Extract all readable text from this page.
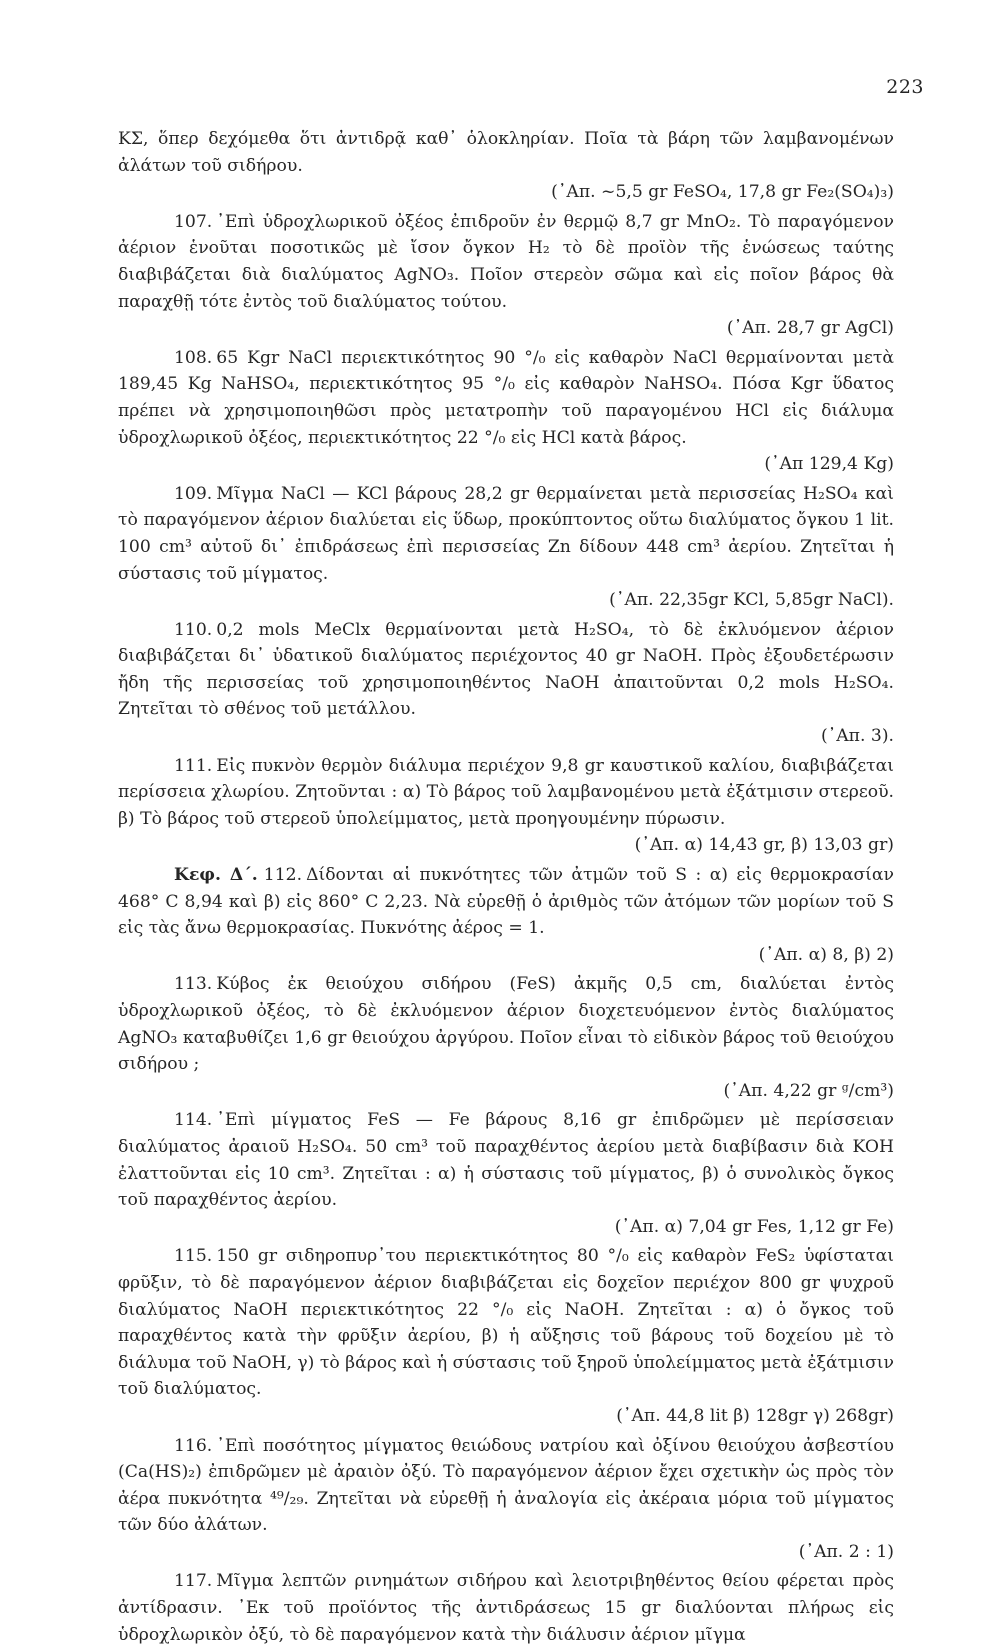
223

ΚΣ, ὅπερ δεχόμεθα ὅτι ἀντιδρᾷ καθ᾽ ὁλοκληρίαν. Ποῖα τὰ βάρη τῶν λαμβανομένων ἀλάτων τοῦ σιδήρου.

(᾽Απ. ~5,5 gr FeSO₄, 17,8 gr Fe₂(SO₄)₃)

107. ᾽Επὶ ὑδροχλωρικοῦ ὀξέος ἐπιδροῦν ἐν θερμῷ 8,7 gr MnO₂. Τὸ παραγόμενον ἀέριον ἑνοῦται ποσοτικῶς μὲ ἴσον ὄγκον H₂ τὸ δὲ προϊὸν τῆς ἑνώσεως ταύτης διαβιβάζεται διὰ διαλύματος AgNO₃. Ποῖον στερεὸν σῶμα καὶ εἰς ποῖον βάρος θὰ παραχθῇ τότε ἐντὸς τοῦ διαλύματος τούτου.

(᾽Απ. 28,7 gr AgCl)

108. 65 Kgr NaCl περιεκτικότητος 90 °/₀ εἰς καθαρὸν NaCl θερμαίνονται μετὰ 189,45 Kg NaHSO₄, περιεκτικότητος 95 °/₀ εἰς καθαρὸν NaHSO₄. Πόσα Kgr ὕδατος πρέπει νὰ χρησιμοποιηθῶσι πρὸς μετατροπὴν τοῦ παραγομένου HCl εἰς διάλυμα ὑδροχλωρικοῦ ὀξέος, περιεκτικότητος 22 °/₀ εἰς HCl κατὰ βάρος.

(᾽Απ 129,4 Kg)

109. Μῖγμα NaCl — KCl βάρους 28,2 gr θερμαίνεται μετὰ περισσείας H₂SO₄ καὶ τὸ παραγόμενον ἀέριον διαλύεται εἰς ὕδωρ, προκύπτοντος οὕτω διαλύματος ὄγκου 1 lit. 100 cm³ αὐτοῦ δι᾽ ἐπιδράσεως ἐπὶ περισσείας Zn δίδουν 448 cm³ ἀερίου. Ζητεῖται ἡ σύστασις τοῦ μίγματος.

(᾽Απ. 22,35gr KCl, 5,85gr NaCl).

110. 0,2 mols MeClx θερμαίνονται μετὰ H₂SO₄, τὸ δὲ ἐκλυόμενον ἀέριον διαβιβάζεται δι᾽ ὑδατικοῦ διαλύματος περιέχοντος 40 gr NaOH. Πρὸς ἐξουδετέρωσιν ἤδη τῆς περισσείας τοῦ χρησιμοποιηθέντος NaOH ἀπαιτοῦνται 0,2 mols H₂SO₄. Ζητεῖται τὸ σθένος τοῦ μετάλλου.

(᾽Απ. 3).

111. Εἰς πυκνὸν θερμὸν διάλυμα περιέχον 9,8 gr καυστικοῦ καλίου, διαβιβάζεται περίσσεια χλωρίου. Ζητοῦνται : α) Τὸ βάρος τοῦ λαμβανομένου μετὰ ἐξάτμισιν στερεοῦ. β) Τὸ βάρος τοῦ στερεοῦ ὑπολείμματος, μετὰ προηγουμένην πύρωσιν.

(᾽Απ. α) 14,43 gr, β) 13,03 gr)

Κεφ. Δ΄. 112. Δίδονται αἱ πυκνότητες τῶν ἀτμῶν τοῦ S : α) εἰς θερμοκρασίαν 468° C 8,94 καὶ β) εἰς 860° C 2,23. Νὰ εὑρεθῇ ὁ ἀριθμὸς τῶν ἀτόμων τῶν μορίων τοῦ S εἰς τὰς ἄνω θερμοκρασίας. Πυκνότης ἀέρος = 1.

(᾽Απ. α) 8, β) 2)

113. Κύβος ἐκ θειούχου σιδήρου (FeS) ἀκμῆς 0,5 cm, διαλύεται ἐντὸς ὑδροχλωρικοῦ ὀξέος, τὸ δὲ ἐκλυόμενον ἀέριον διοχετευόμενον ἐντὸς διαλύματος AgNO₃ καταβυθίζει 1,6 gr θειούχου ἀργύρου. Ποῖον εἶναι τὸ εἰδικὸν βάρος τοῦ θειούχου σιδήρου ;

(᾽Απ. 4,22 gr ᵍ/cm³)

114. ᾽Επὶ μίγματος FeS — Fe βάρους 8,16 gr ἐπιδρῶμεν μὲ περίσσειαν διαλύματος ἀραιοῦ H₂SO₄. 50 cm³ τοῦ παραχθέντος ἀερίου μετὰ διαβίβασιν διὰ KOH ἐλαττοῦνται εἰς 10 cm³. Ζητεῖται : α) ἡ σύστασις τοῦ μίγματος, β) ὁ συνολικὸς ὄγκος τοῦ παραχθέντος ἀερίου.

(᾽Απ. α) 7,04 gr Fes, 1,12 gr Fe)

115. 150 gr σιδηροπυρ᾽του περιεκτικότητος 80 °/₀ εἰς καθαρὸν FeS₂ ὑφίσταται φρῦξιν, τὸ δὲ παραγόμενον ἀέριον διαβιβάζεται εἰς δοχεῖον περιέχον 800 gr ψυχροῦ διαλύματος NaOH περιεκτικότητος 22 °/₀ εἰς NaOH. Ζητεῖται : α) ὁ ὄγκος τοῦ παραχθέντος κατὰ τὴν φρῦξιν ἀερίου, β) ἡ αὔξησις τοῦ βάρους τοῦ δοχείου μὲ τὸ διάλυμα τοῦ NaOH, γ) τὸ βάρος καὶ ἡ σύστασις τοῦ ξηροῦ ὑπολείμματος μετὰ ἐξάτμισιν τοῦ διαλύματος.

(᾽Απ. 44,8 lit β) 128gr γ) 268gr)

116. ᾽Επὶ ποσότητος μίγματος θειώδους νατρίου καὶ ὀξίνου θειούχου ἀσβεστίου (Ca(HS)₂) ἐπιδρῶμεν μὲ ἀραιὸν ὀξύ. Τὸ παραγόμενον ἀέριον ἔχει σχετικὴν ὡς πρὸς τὸν ἀέρα πυκνότητα ⁴⁹/₂₉. Ζητεῖται νὰ εὑρεθῇ ἡ ἀναλογία εἰς ἀκέραια μόρια τοῦ μίγματος τῶν δύο ἀλάτων.

(᾽Απ. 2 : 1)

117. Μῖγμα λεπτῶν ρινημάτων σιδήρου καὶ λειοτριβηθέντος θείου φέρεται πρὸς ἀντίδρασιν. ᾽Εκ τοῦ προϊόντος τῆς ἀντιδράσεως 15 gr διαλύονται πλήρως εἰς ὑδροχλωρικὸν ὀξύ, τὸ δὲ παραγόμενον κατὰ τὴν διάλυσιν ἀέριον μῖγμα
